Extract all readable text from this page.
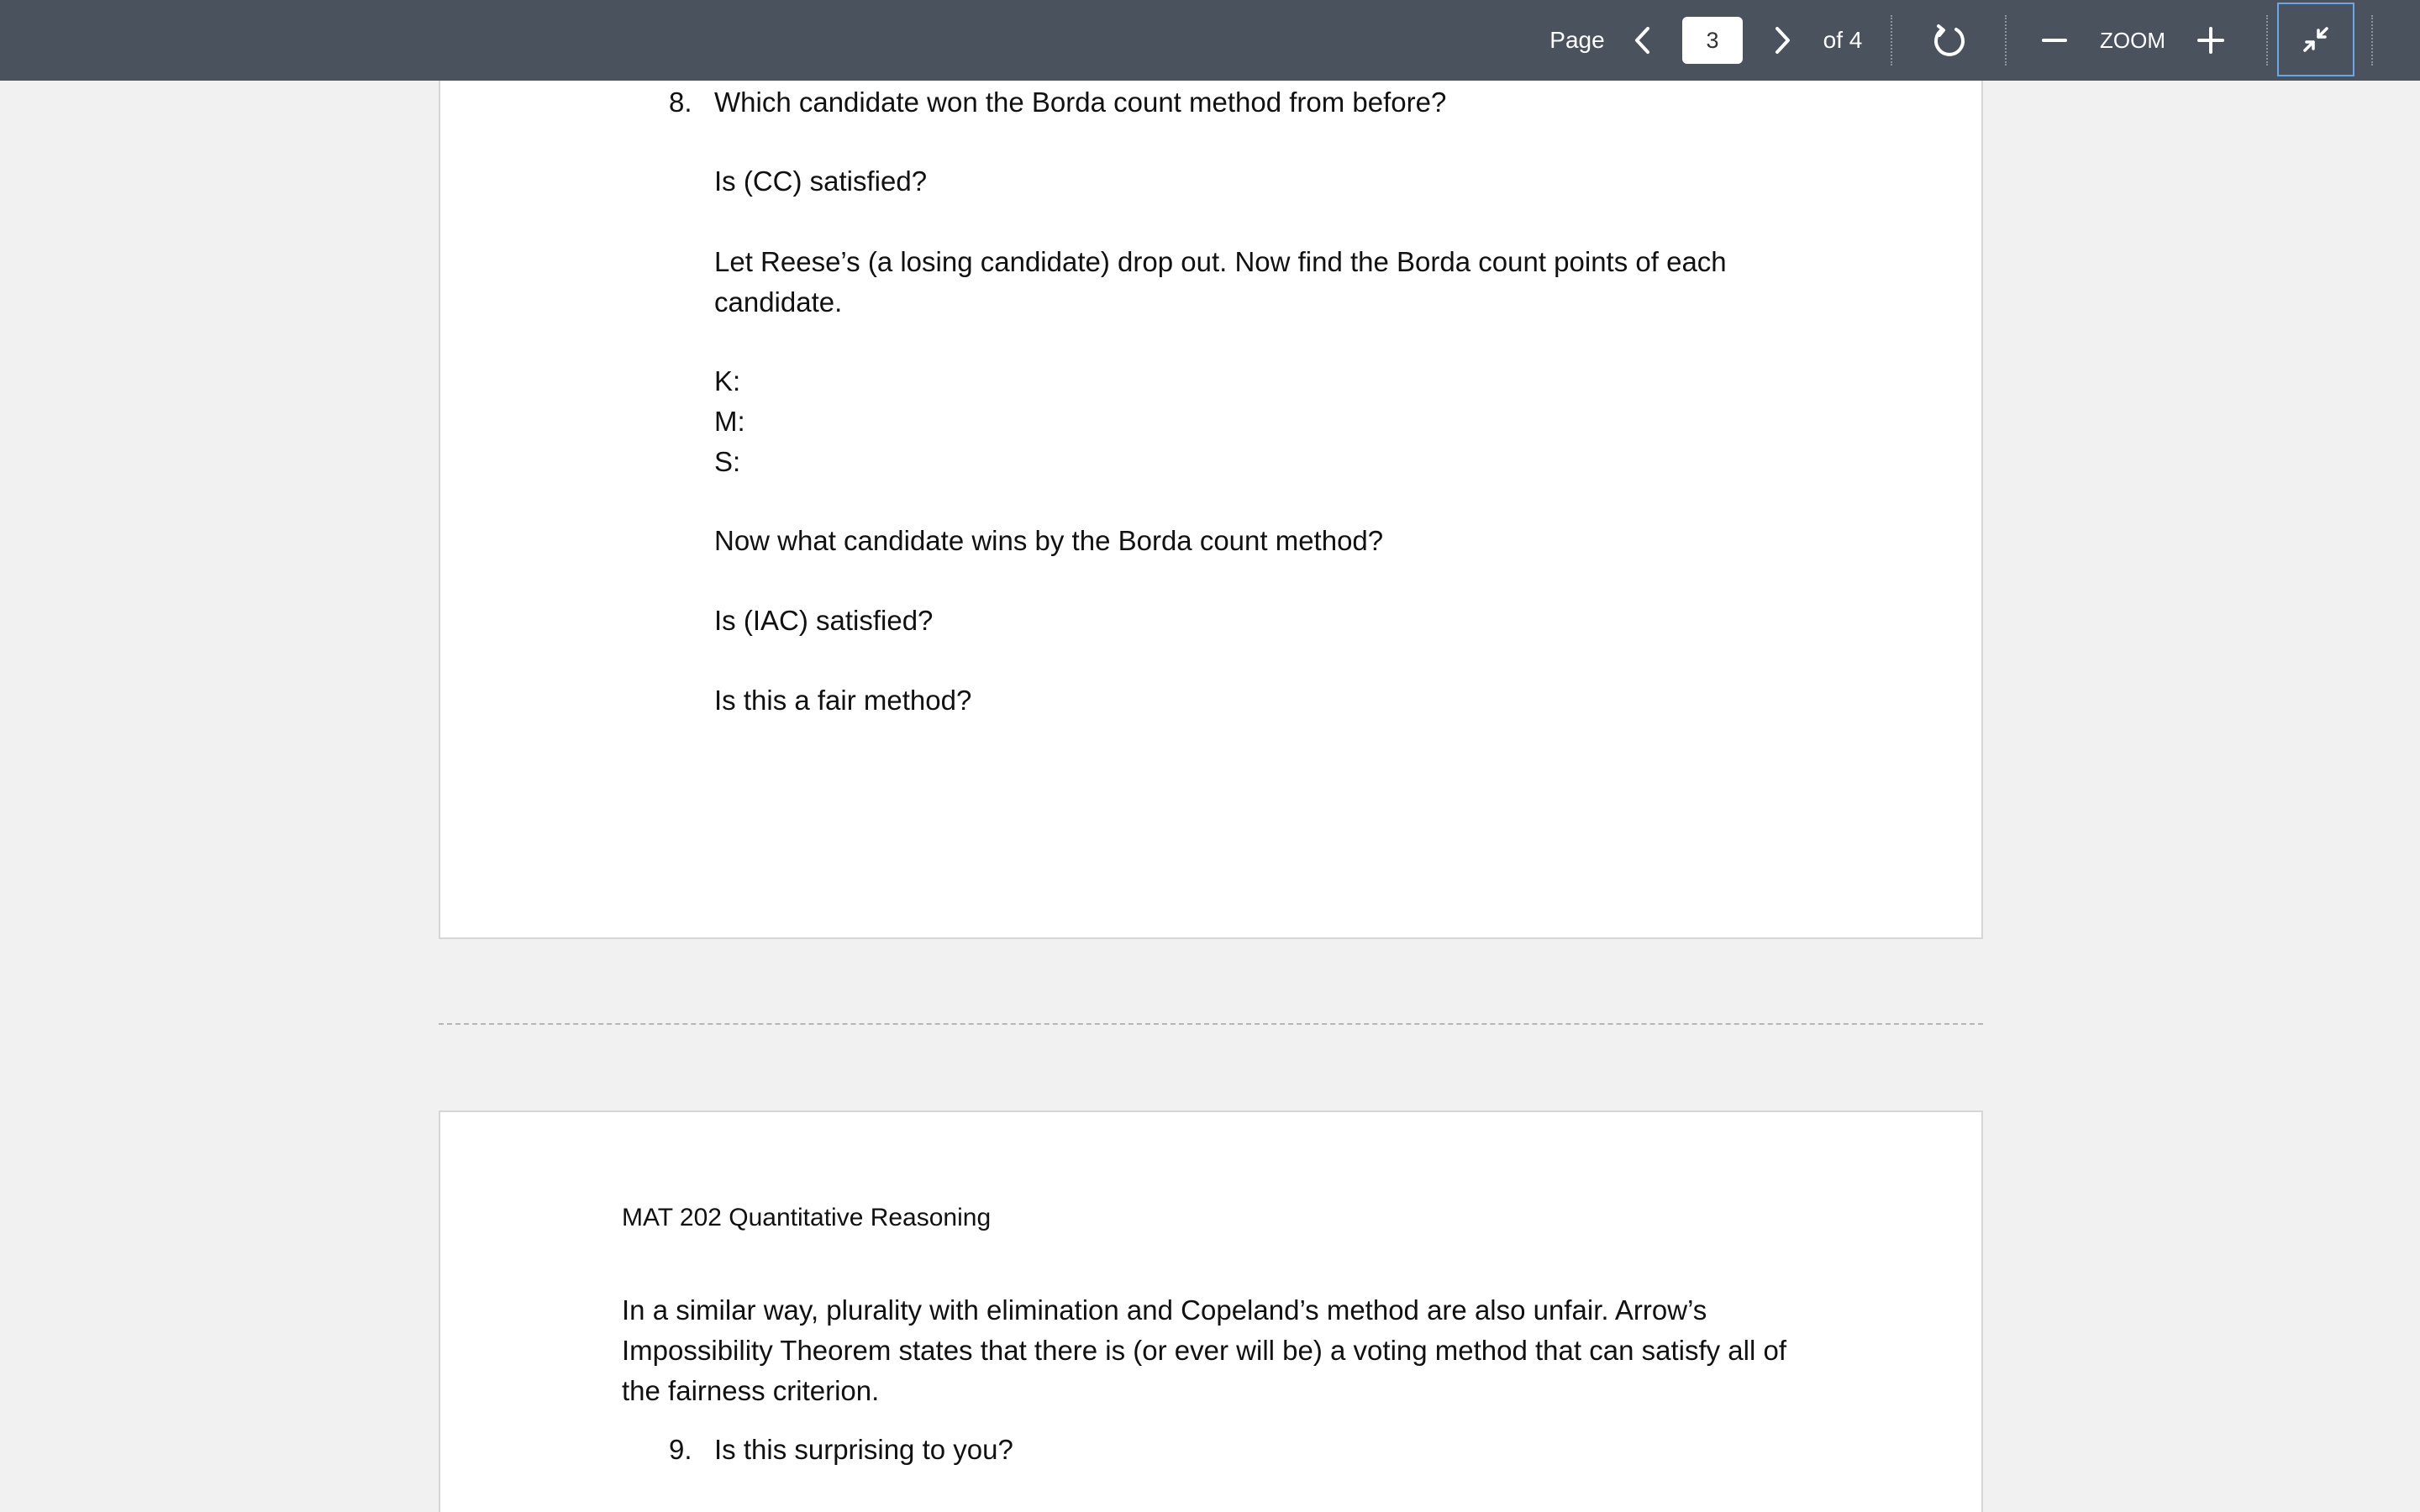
Page
3	of 4	ZOOM

8. Which candidate won the Borda count method from before?

Is (CC) satisfied?

Let Reese’s (a losing candidate) drop out. Now find the Borda count points of each

candidate.

K:

M:

S:

Now what candidate wins by the Borda count method?

Is (IAC) satisfied?

Is this a fair method?

MAT 202 Quantitative Reasoning

In a similar way, plurality with elimination and Copeland’s method are also unfair. Arrow’s

Impossibility Theorem states that there is (or ever will be) a voting method that can satisfy all of

the fairness criterion.

9. Is this surprising to you?
